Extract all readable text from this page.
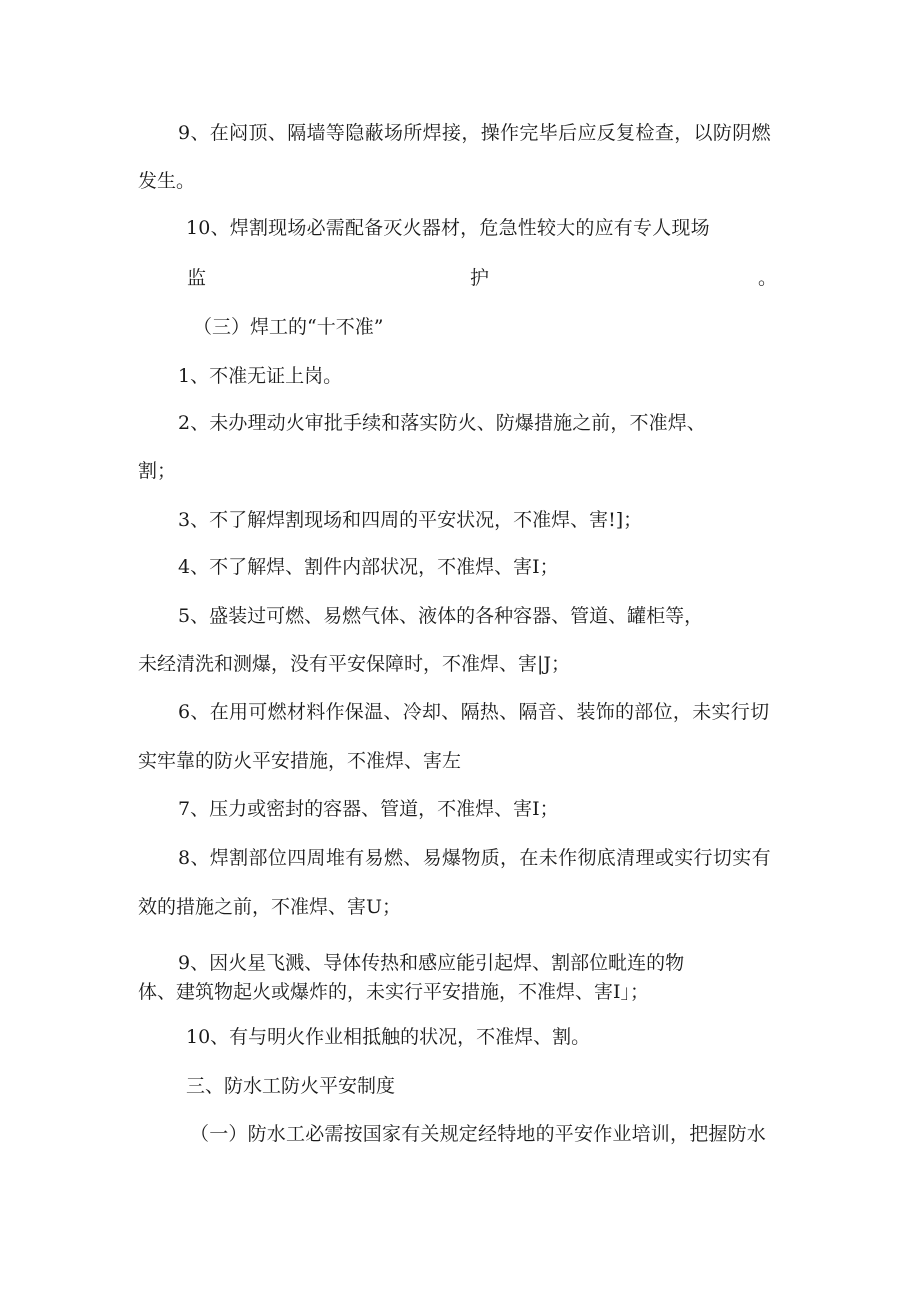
9、在闷顶、隔墙等隐蔽场所焊接，操作完毕后应反复检查，以防阴燃
发生。
10、焊割现场必需配备灭火器材，危急性较大的应有专人现场
监	护	。
（三）焊工的“十不准”
1、不准无证上岗。
2、未办理动火审批手续和落实防火、防爆措施之前，不准焊、
割；
3、不了解焊割现场和四周的平安状况，不准焊、害!]；
4、不了解焊、割件内部状况，不准焊、害I；
5、盛装过可燃、易燃气体、液体的各种容器、管道、罐柜等，
未经清洗和测爆，没有平安保障时，不准焊、害|J；
6、在用可燃材料作保温、冷却、隔热、隔音、装饰的部位，未实行切
实牢靠的防火平安措施，不准焊、害左
7、压力或密封的容器、管道，不准焊、害I；
8、焊割部位四周堆有易燃、易爆物质，在未作彻底清理或实行切实有
效的措施之前，不准焊、害U；
9、因火星飞溅、导体传热和感应能引起焊、割部位毗连的物
体、建筑物起火或爆炸的，未实行平安措施，不准焊、害I」；
10、有与明火作业相抵触的状况，不准焊、割。
三、防水工防火平安制度
（一）防水工必需按国家有关规定经特地的平安作业培训，把握防水
